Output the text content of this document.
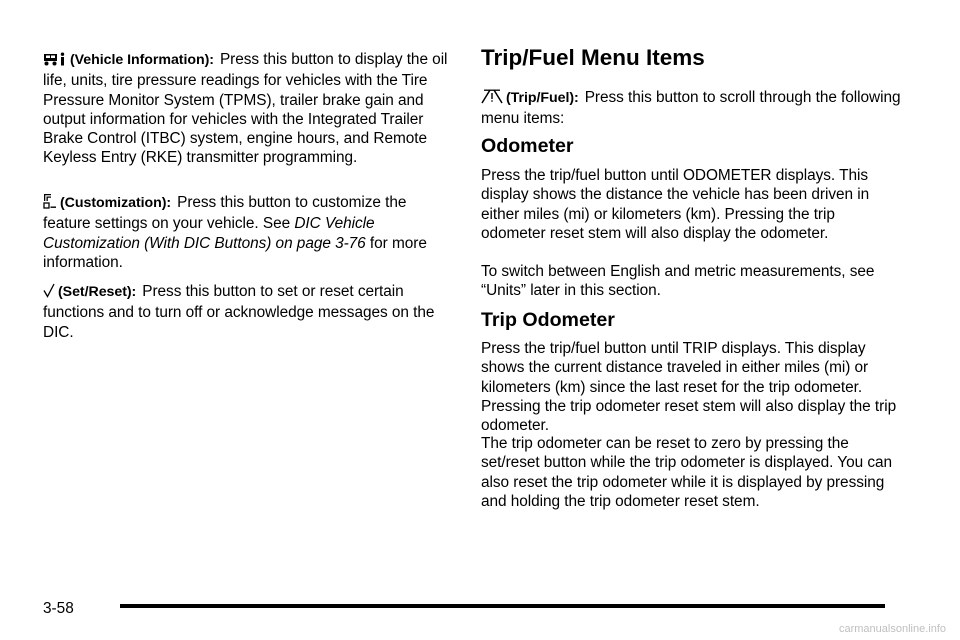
(Vehicle Information): Press this button to display the oil life, units, tire pressure readings for vehicles with the Tire Pressure Monitor System (TPMS), trailer brake gain and output information for vehicles with the Integrated Trailer Brake Control (ITBC) system, engine hours, and Remote Keyless Entry (RKE) transmitter programming.

(Customization): Press this button to customize the feature settings on your vehicle. See DIC Vehicle Customization (With DIC Buttons) on page 3-76 for more information.

(Set/Reset): Press this button to set or reset certain functions and to turn off or acknowledge messages on the DIC.

Trip/Fuel Menu Items

(Trip/Fuel): Press this button to scroll through the following menu items:

Odometer

Press the trip/fuel button until ODOMETER displays. This display shows the distance the vehicle has been driven in either miles (mi) or kilometers (km). Pressing the trip odometer reset stem will also display the odometer.

To switch between English and metric measurements, see “Units” later in this section.

Trip Odometer

Press the trip/fuel button until TRIP displays. This display shows the current distance traveled in either miles (mi) or kilometers (km) since the last reset for the trip odometer. Pressing the trip odometer reset stem will also display the trip odometer.

The trip odometer can be reset to zero by pressing the set/reset button while the trip odometer is displayed. You can also reset the trip odometer while it is displayed by pressing and holding the trip odometer reset stem.

3-58
carmanualsonline.info
